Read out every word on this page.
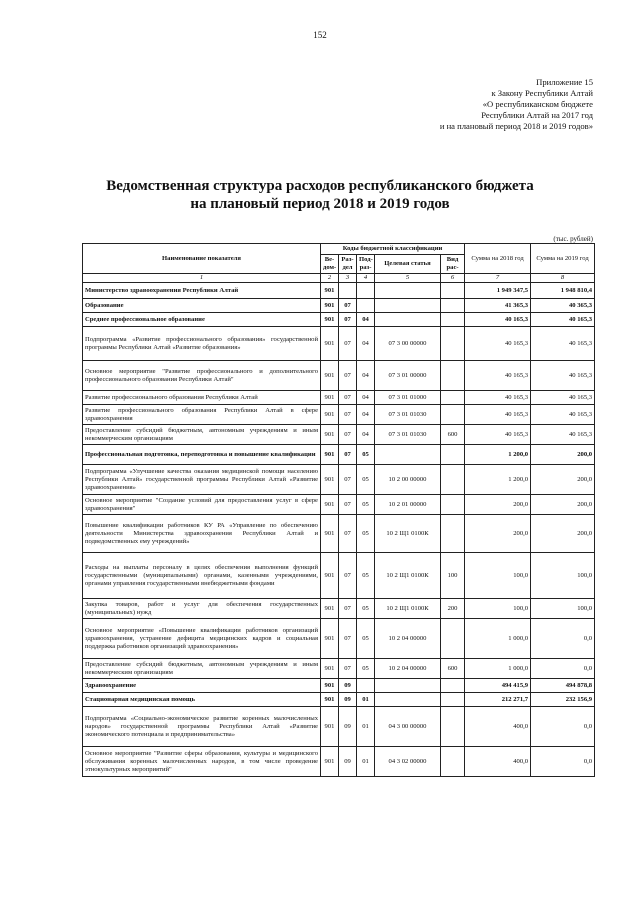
152
Приложение 15
к Закону Республики Алтай
«О республиканском бюджете
Республики Алтай на 2017 год
и на плановый период 2018 и 2019 годов»
Ведомственная структура расходов республиканского бюджета
на плановый период 2018 и 2019 годов
(тыс. рублей)
Наименование показателя	Коды бюджетной классификации					Сумма на 2018 год	Сумма на 2019 год
	Ве-дом-	Раз-дел	Под-раз-	Целевая статья	Вид рас-		
1	2	3	4	5	6	7	8
Министерство здравоохранения Республики Алтай	901					1 949 347,5	1 948 810,4
Образование	901	07				41 365,3	40 365,3
Среднее профессиональное образование	901	07	04			40 165,3	40 165,3
Подпрограмма «Развитие профессионального образования» государственной программы Республики Алтай «Развитие образования»	901	07	04	07 3 00 00000		40 165,3	40 165,3
Основное мероприятие "Развитие профессионального и дополнительного профессионального образования Республики Алтай"	901	07	04	07 3 01 00000		40 165,3	40 165,3
Развитие профессионального образования Республики Алтай	901	07	04	07 3 01 01000		40 165,3	40 165,3
Развитие профессионального образования Республики Алтай в сфере здравоохранения	901	07	04	07 3 01 01030		40 165,3	40 165,3
Предоставление субсидий бюджетным, автономным учреждениям и иным некоммерческим организациям	901	07	04	07 3 01 01030	600	40 165,3	40 165,3
Профессиональная подготовка, переподготовка и повышение квалификации	901	07	05			1 200,0	200,0
Подпрограмма «Улучшение качества оказания медицинской помощи населению Республики Алтай» государственной программы Республики Алтай «Развитие здравоохранения»	901	07	05	10 2 00 00000		1 200,0	200,0
Основное мероприятие "Создание условий для предоставления услуг в сфере здравоохранения"	901	07	05	10 2 01 00000		200,0	200,0
Повышение квалификации работников КУ РА «Управление по обеспечению деятельности Министерства здравоохранения Республики Алтай и подведомственных ему учреждений»	901	07	05	10 2 Щ1 0100К		200,0	200,0
Расходы на выплаты персоналу в целях обеспечения выполнения функций государственными (муниципальными) органами, казенными учреждениями, органами управления государственными внебюджетными фондами	901	07	05	10 2 Щ1 0100К	100	100,0	100,0
Закупка товаров, работ и услуг для обеспечения государственных (муниципальных) нужд	901	07	05	10 2 Щ1 0100К	200	100,0	100,0
Основное мероприятие «Повышение квалификации работников организаций здравоохранения, устранение дефицита медицинских кадров и социальная поддержка работников организаций здравоохранения»	901	07	05	10 2 04 00000		1 000,0	0,0
Предоставление субсидий бюджетным, автономным учреждениям и иным некоммерческим организациям	901	07	05	10 2 04 00000	600	1 000,0	0,0
Здравоохранение	901	09				494 415,9	494 878,8
Стационарная медицинская помощь	901	09	01			212 271,7	232 156,9
Подпрограмма «Социально-экономическое развитие коренных малочисленных народов» государственной программы Республики Алтай «Развитие экономического потенциала и предпринимательства»	901	09	01	04 3 00 00000		400,0	0,0
Основное мероприятие "Развитие сферы образования, культуры и медицинского обслуживания коренных малочисленных народов, в том числе проведение этнокультурных мероприятий"	901	09	01	04 3 02 00000		400,0	0,0
